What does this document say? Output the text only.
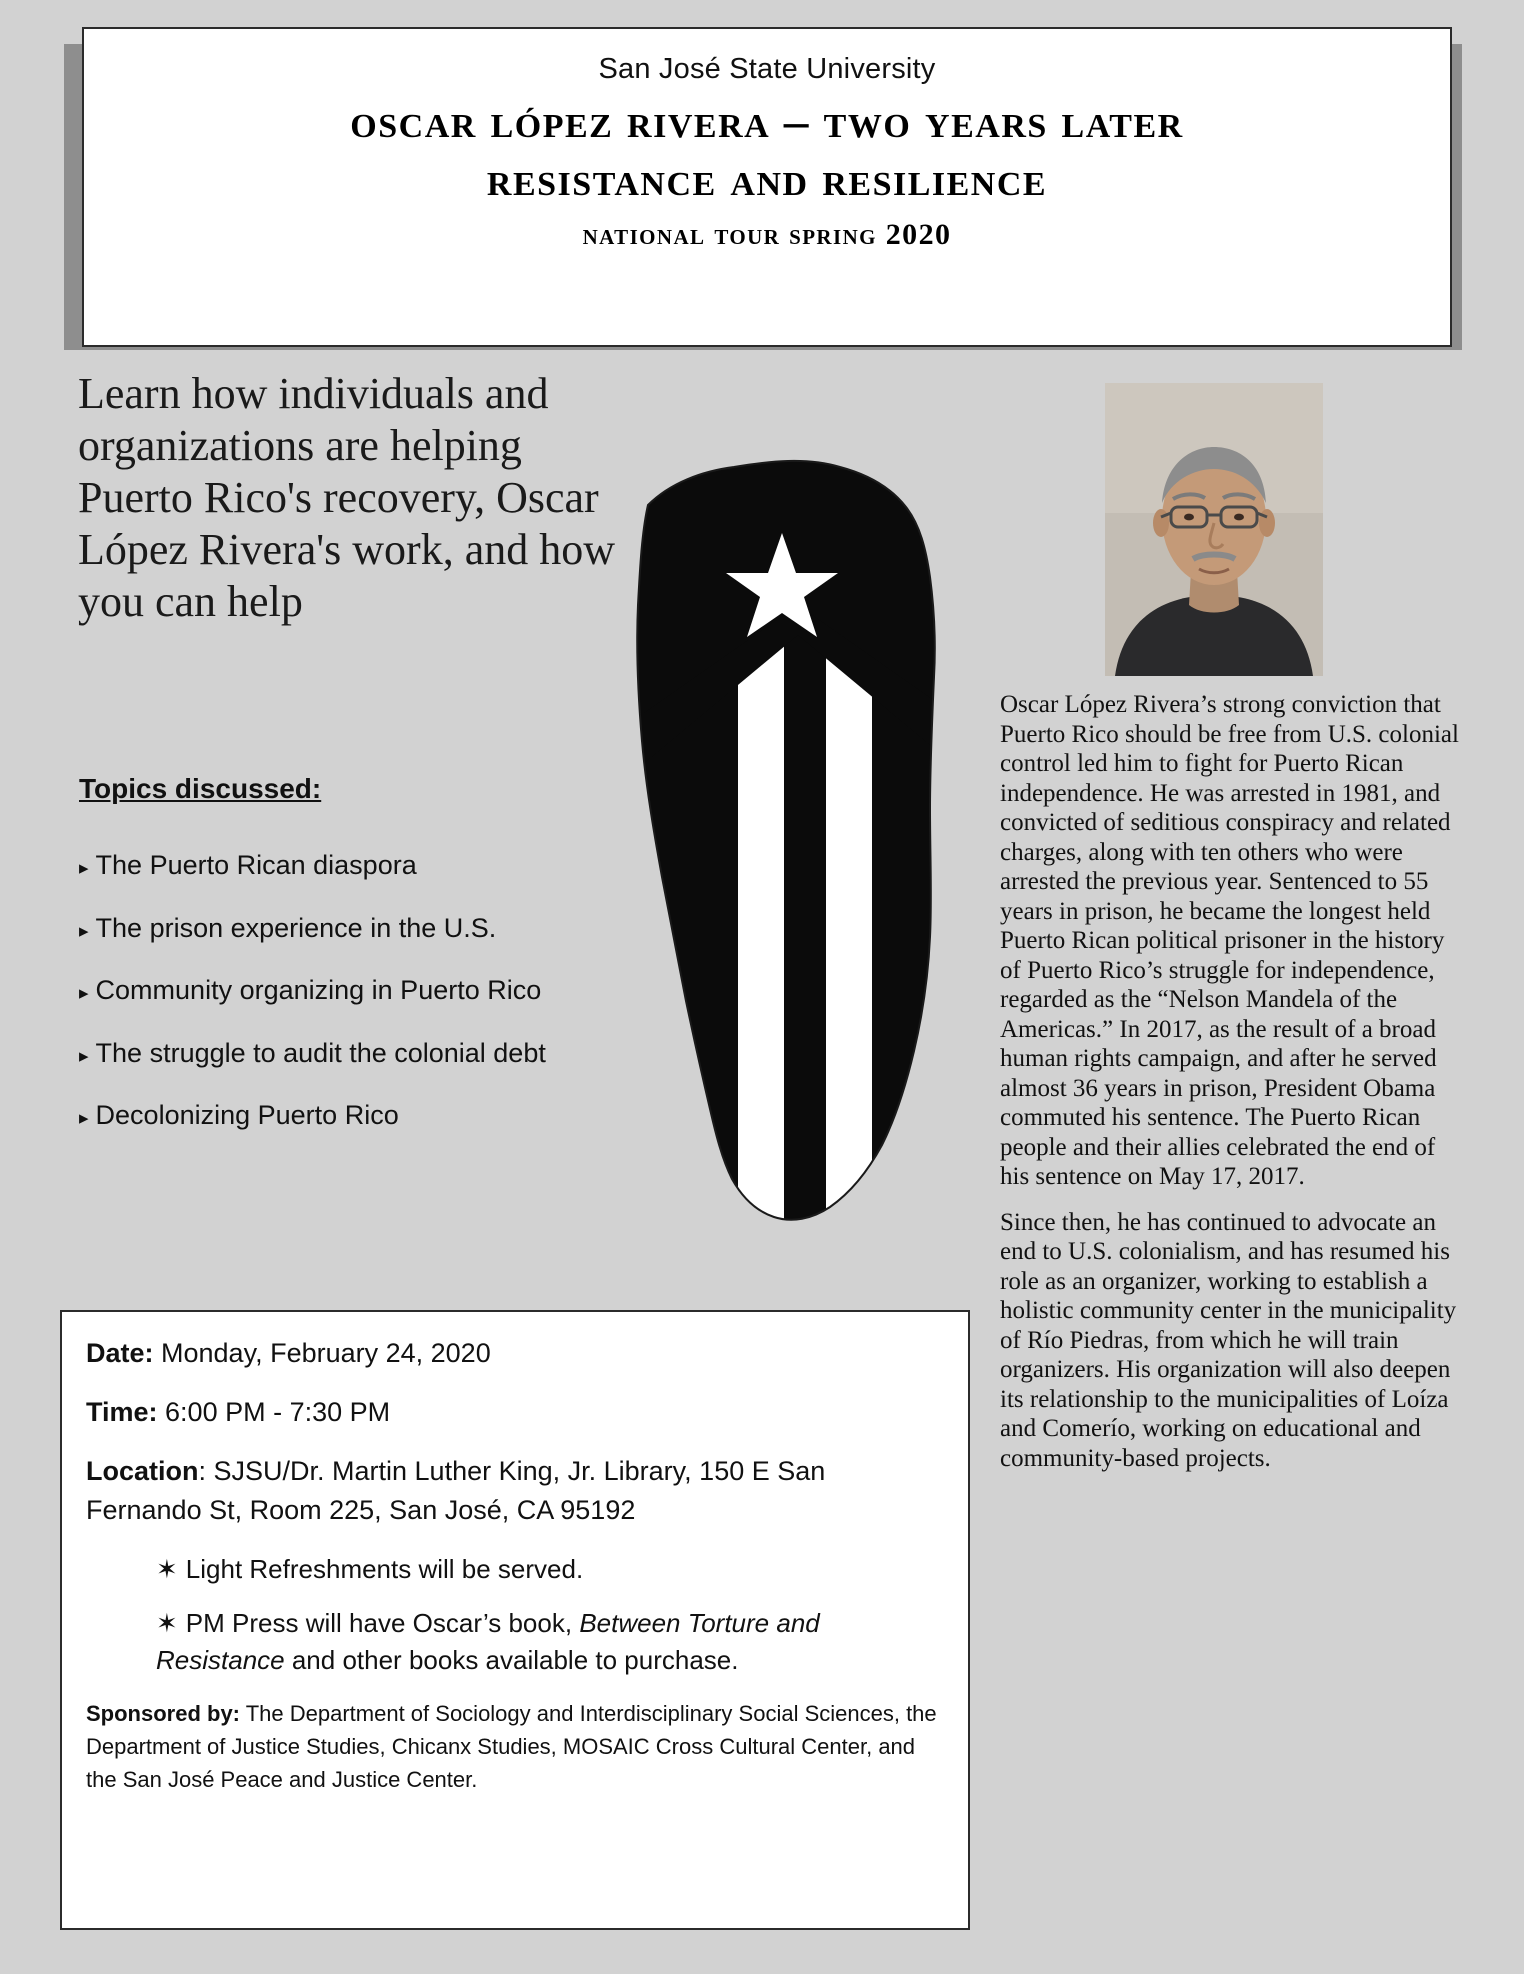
San José State University
oscar lópez rivera – two years later
resistance and resilience
national tour spring 2020
Learn how individuals and organizations are helping Puerto Rico's recovery, Oscar López Rivera's work, and how you can help
Topics discussed:
▸ The Puerto Rican diaspora
▸ The prison experience in the U.S.
▸ Community organizing in Puerto Rico
▸ The struggle to audit the colonial debt
▸ Decolonizing Puerto Rico
Date: Monday, February 24, 2020
Time: 6:00 PM - 7:30 PM
Location: SJSU/Dr. Martin Luther King, Jr. Library, 150 E San Fernando St, Room 225, San José, CA 95192
✶ Light Refreshments will be served.
✶ PM Press will have Oscar’s book, Between Torture and Resistance and other books available to purchase.
Sponsored by: The Department of Sociology and Interdisciplinary Social Sciences, the Department of Justice Studies, Chicanx Studies, MOSAIC Cross Cultural Center, and the San José Peace and Justice Center.

Oscar López Rivera’s strong conviction that Puerto Rico should be free from U.S. colonial control led him to fight for Puerto Rican independence. He was arrested in 1981, and convicted of seditious conspiracy and related charges, along with ten others who were arrested the previous year. Sentenced to 55 years in prison, he became the longest held Puerto Rican political prisoner in the history of Puerto Rico’s struggle for independence, regarded as the “Nelson Mandela of the Americas.” In 2017, as the result of a broad human rights campaign, and after he served almost 36 years in prison, President Obama commuted his sentence. The Puerto Rican people and their allies celebrated the end of his sentence on May 17, 2017.

Since then, he has continued to advocate an end to U.S. colonialism, and has resumed his role as an organizer, working to establish a holistic community center in the municipality of Río Piedras, from which he will train organizers. His organization will also deepen its relationship to the municipalities of Loíza and Comerío, working on educational and community-based projects.
